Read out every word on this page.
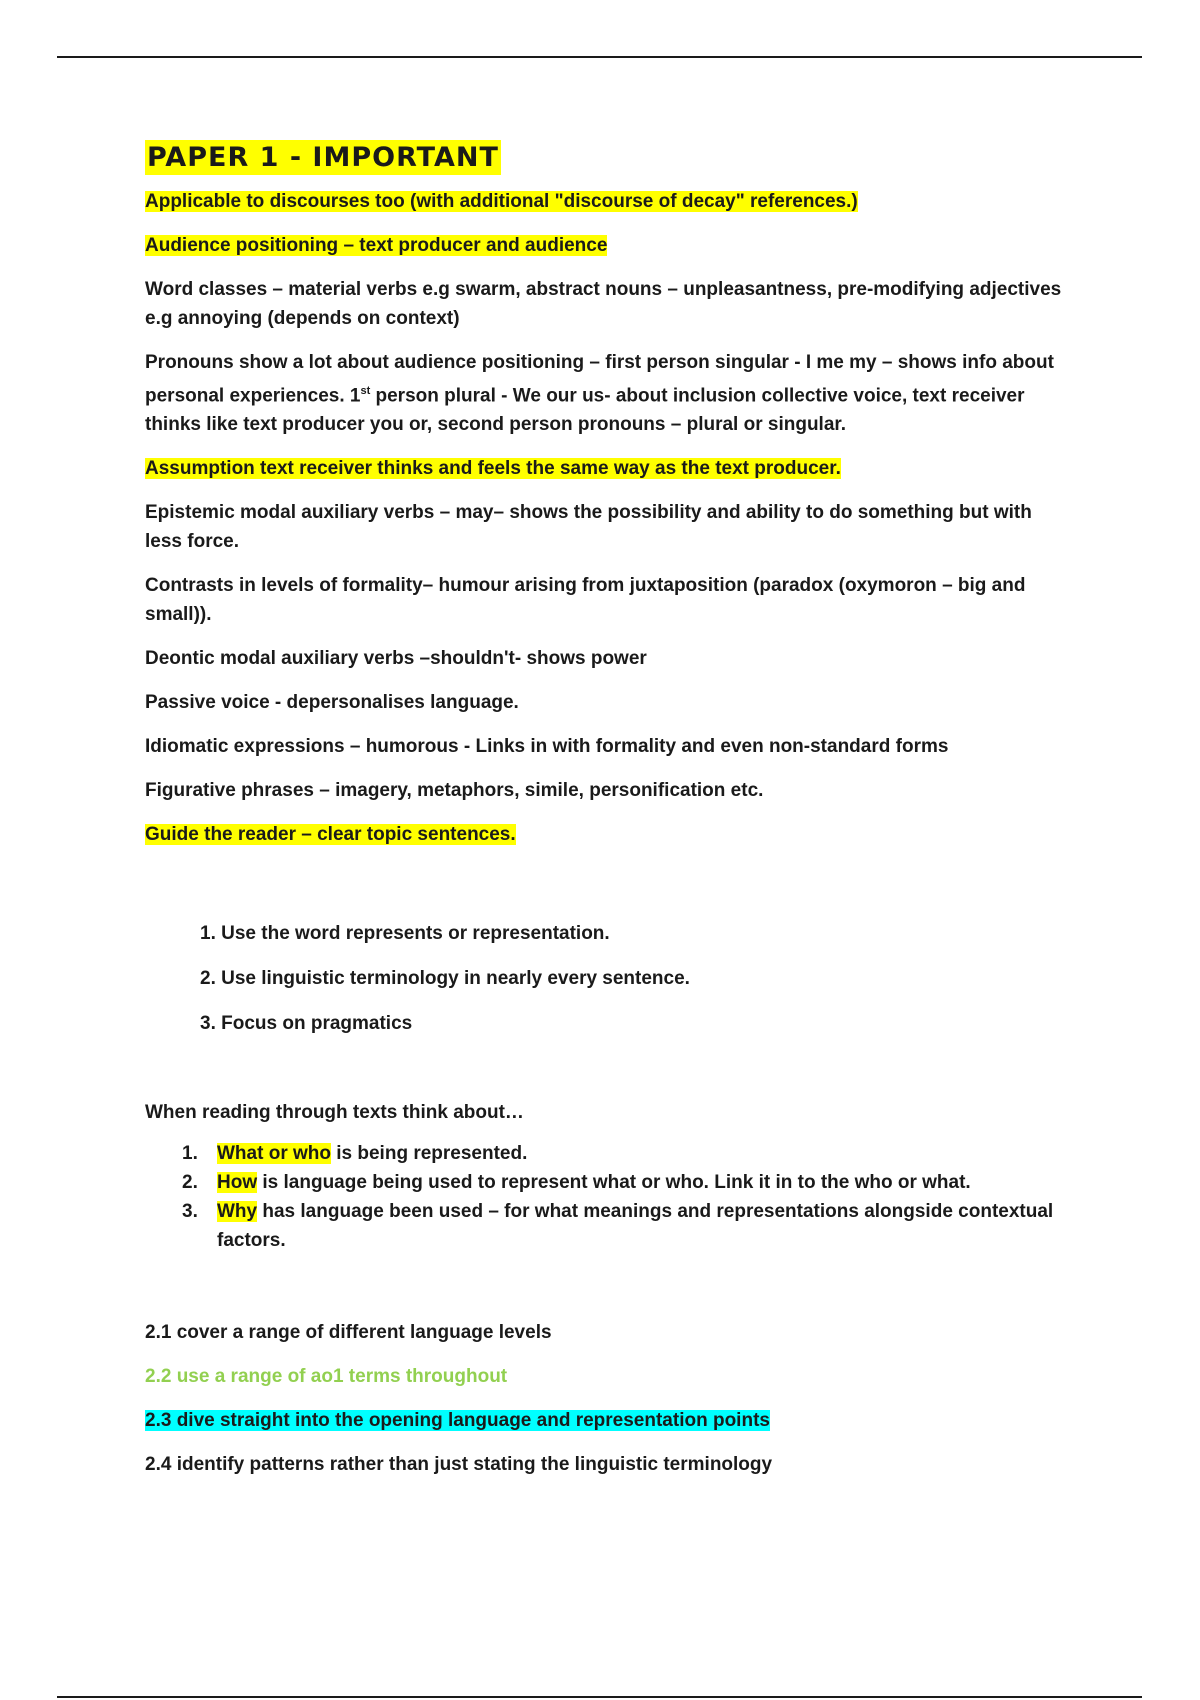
PAPER 1 - IMPORTANT

Applicable to discourses too (with additional "discourse of decay" references.)

Audience positioning – text producer and audience

Word classes – material verbs e.g swarm, abstract nouns – unpleasantness, pre-modifying adjectives e.g annoying (depends on context)

Pronouns show a lot about audience positioning – first person singular - I me my – shows info about personal experiences. 1st person plural - We our us- about inclusion collective voice, text receiver thinks like text producer you or, second person pronouns – plural or singular.

Assumption text receiver thinks and feels the same way as the text producer.

Epistemic modal auxiliary verbs – may– shows the possibility and ability to do something but with less force.

Contrasts in levels of formality– humour arising from juxtaposition (paradox (oxymoron – big and small)).

Deontic modal auxiliary verbs –shouldn't- shows power

Passive voice - depersonalises language.

Idiomatic expressions – humorous - Links in with formality and even non-standard forms

Figurative phrases – imagery, metaphors, simile, personification etc.

Guide the reader – clear topic sentences.

1. Use the word represents or representation.

2. Use linguistic terminology in nearly every sentence.

3. Focus on pragmatics

When reading through texts think about…

1.	What or who is being represented.
2.	How is language being used to represent what or who. Link it in to the who or what.
3.	Why has language been used – for what meanings and representations alongside contextual factors.

2.1 cover a range of different language levels

2.2 use a range of ao1 terms throughout

2.3 dive straight into the opening language and representation points

2.4 identify patterns rather than just stating the linguistic terminology
